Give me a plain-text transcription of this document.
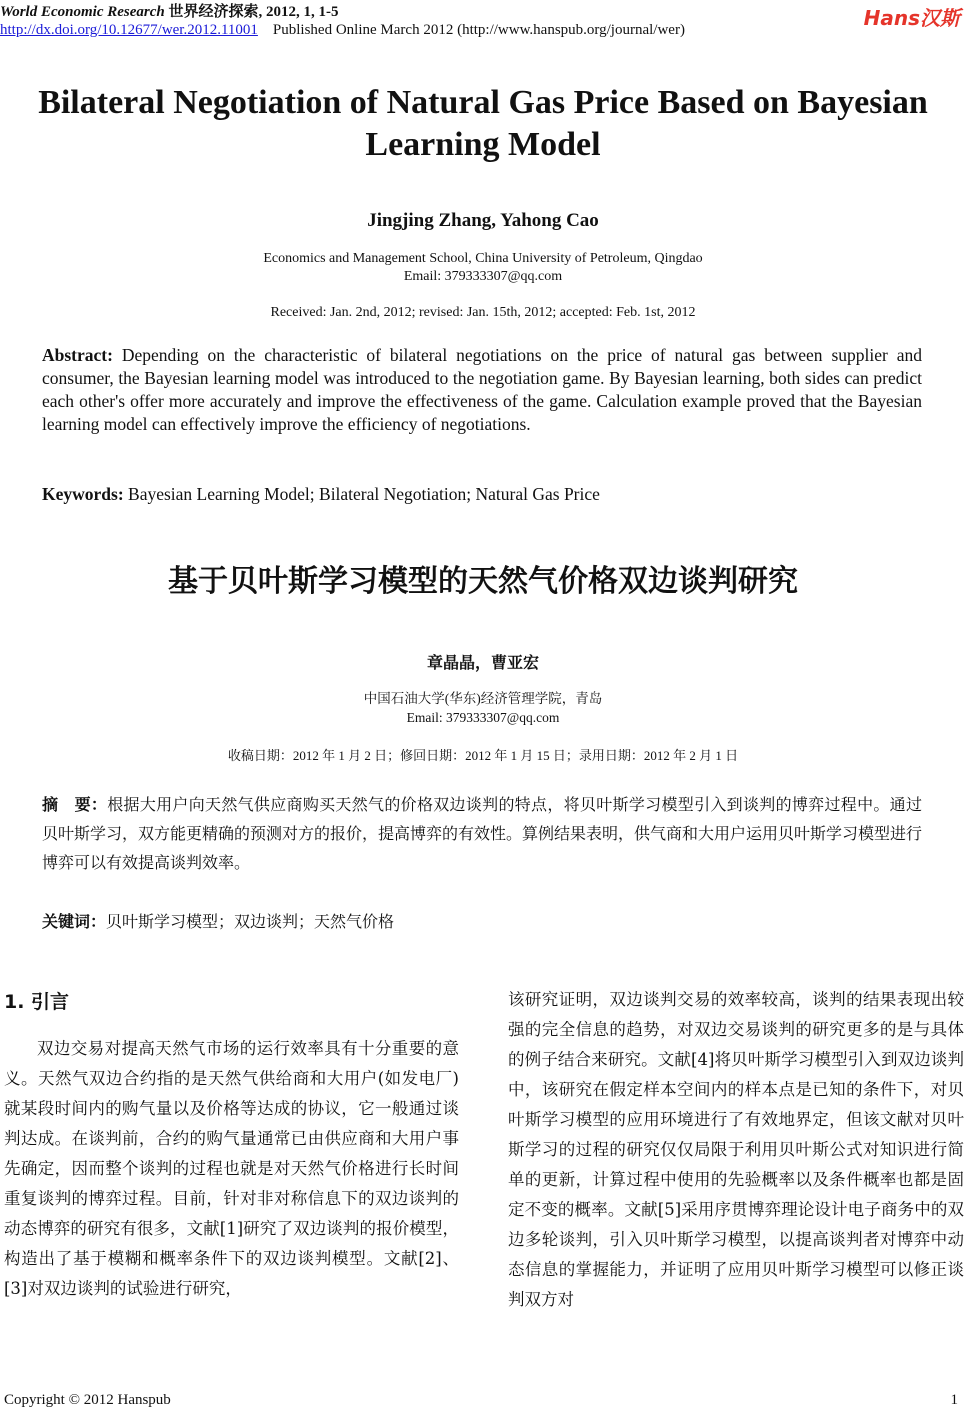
World Economic Research 世界经济探索, 2012, 1, 1-5
http://dx.doi.org/10.12677/wer.2012.11001 Published Online March 2012 (http://www.hanspub.org/journal/wer)	Hans汉斯
Bilateral Negotiation of Natural Gas Price Based on Bayesian Learning Model
Jingjing Zhang, Yahong Cao
Economics and Management School, China University of Petroleum, Qingdao
Email: 379333307@qq.com
Received: Jan. 2nd, 2012; revised: Jan. 15th, 2012; accepted: Feb. 1st, 2012
Abstract: Depending on the characteristic of bilateral negotiations on the price of natural gas between supplier and consumer, the Bayesian learning model was introduced to the negotiation game. By Bayesian learning, both sides can predict each other's offer more accurately and improve the effectiveness of the game. Calculation example proved that the Bayesian learning model can effectively improve the efficiency of negotiations.
Keywords: Bayesian Learning Model; Bilateral Negotiation; Natural Gas Price
基于贝叶斯学习模型的天然气价格双边谈判研究
章晶晶，曹亚宏
中国石油大学(华东)经济管理学院，青岛
Email: 379333307@qq.com
收稿日期：2012 年 1 月 2 日；修回日期：2012 年 1 月 15 日；录用日期：2012 年 2 月 1 日
摘　要：根据大用户向天然气供应商购买天然气的价格双边谈判的特点，将贝叶斯学习模型引入到谈判的博弈过程中。通过贝叶斯学习，双方能更精确的预测对方的报价，提高博弈的有效性。算例结果表明，供气商和大用户运用贝叶斯学习模型进行博弈可以有效提高谈判效率。
关键词：贝叶斯学习模型；双边谈判；天然气价格
1. 引言
双边交易对提高天然气市场的运行效率具有十分重要的意义。天然气双边合约指的是天然气供给商和大用户(如发电厂)就某段时间内的购气量以及价格等达成的协议，它一般通过谈判达成。在谈判前，合约的购气量通常已由供应商和大用户事先确定，因而整个谈判的过程也就是对天然气价格进行长时间重复谈判的博弈过程。目前，针对非对称信息下的双边谈判的动态博弈的研究有很多，文献[1]研究了双边谈判的报价模型，构造出了基于模糊和概率条件下的双边谈判模型。文献[2]、[3]对双边谈判的试验进行研究，
该研究证明，双边谈判交易的效率较高，谈判的结果表现出较强的完全信息的趋势，对双边交易谈判的研究更多的是与具体的例子结合来研究。文献[4]将贝叶斯学习模型引入到双边谈判中，该研究在假定样本空间内的样本点是已知的条件下，对贝叶斯学习模型的应用环境进行了有效地界定，但该文献对贝叶斯学习的过程的研究仅仅局限于利用贝叶斯公式对知识进行简单的更新，计算过程中使用的先验概率以及条件概率也都是固定不变的概率。文献[5]采用序贯博弈理论设计电子商务中的双边多轮谈判，引入贝叶斯学习模型，以提高谈判者对博弈中动态信息的掌握能力，并证明了应用贝叶斯学习模型可以修正谈判双方对
Copyright © 2012 Hanspub	1
